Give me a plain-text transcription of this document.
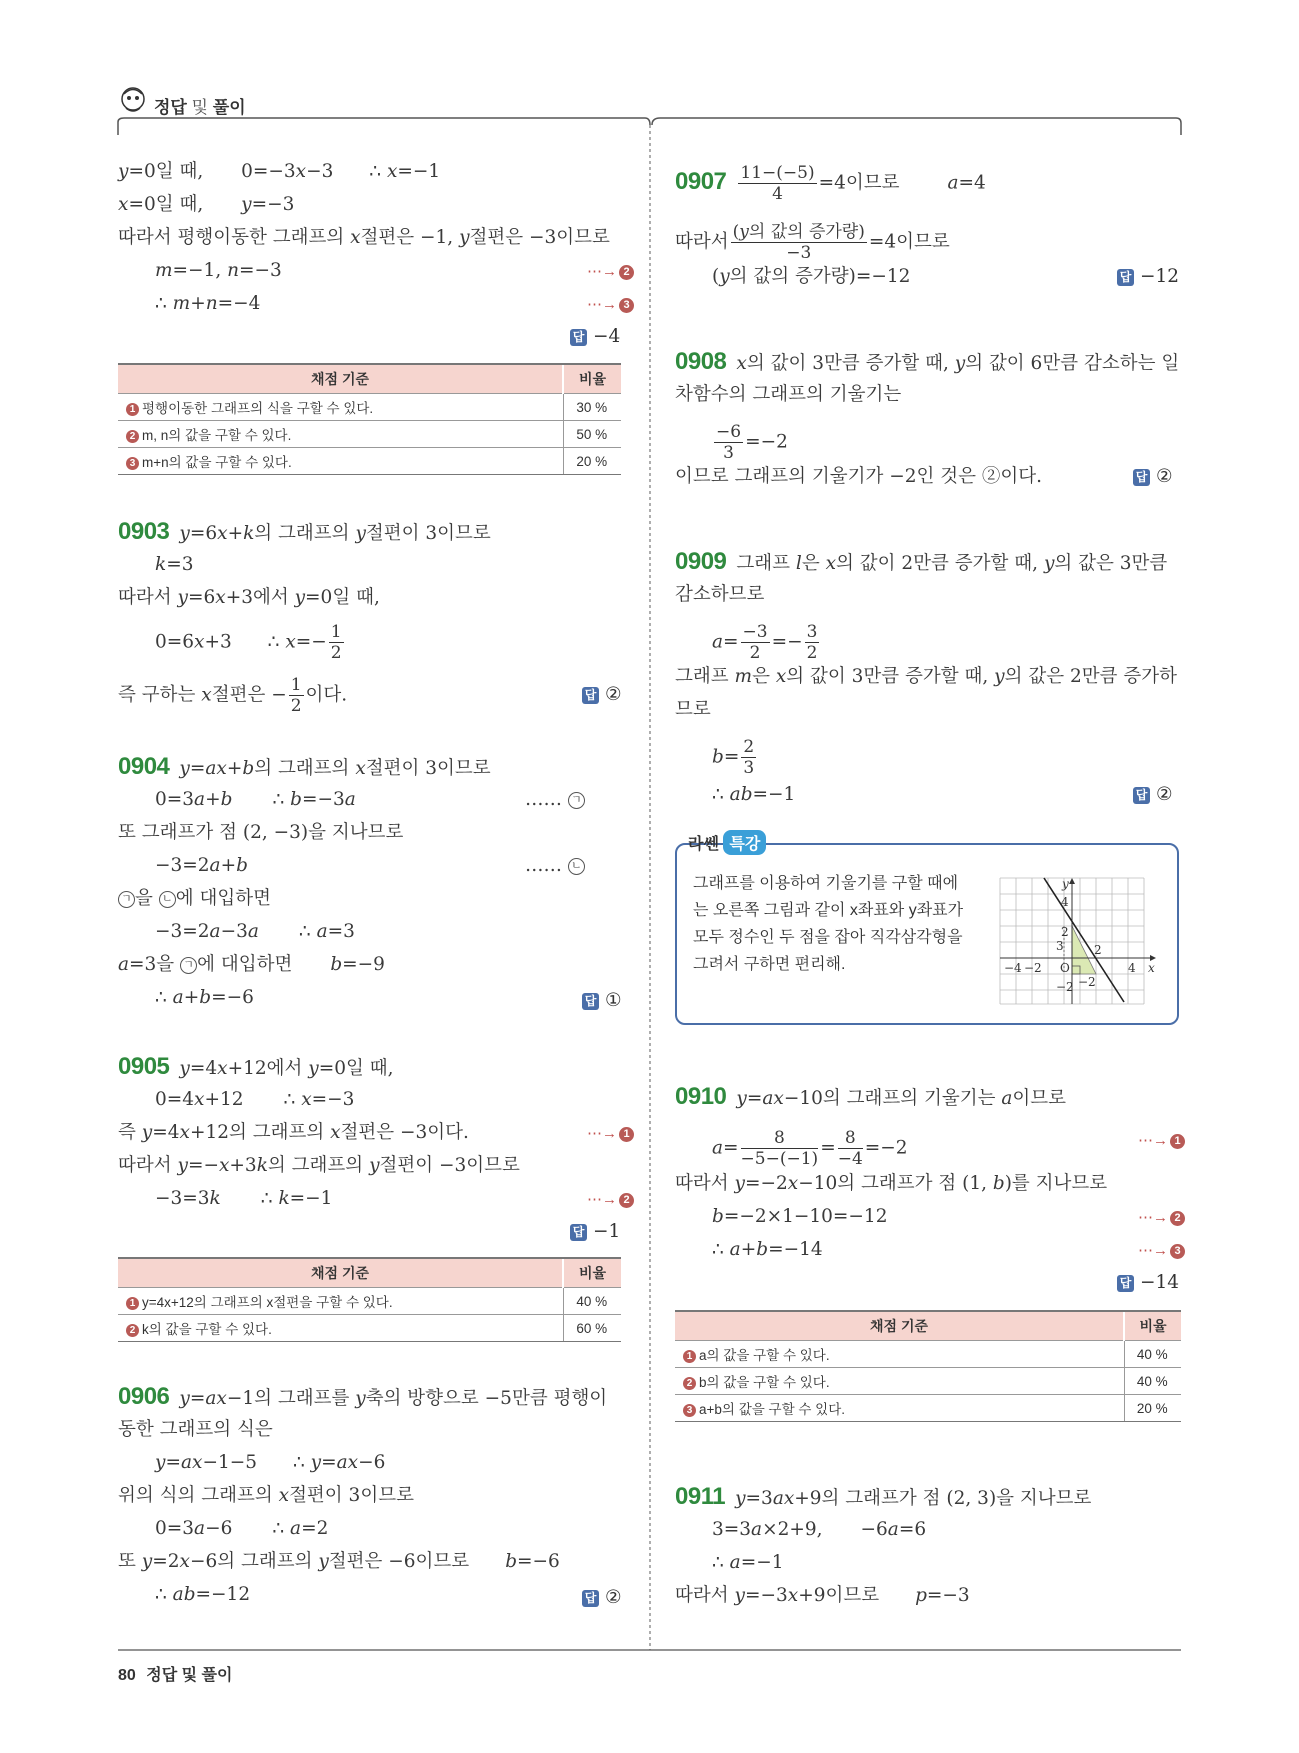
정답 및 풀이
y=0일 때, 0=−3x−3 ∴ x=−1
x=0일 때, y=−3
따라서 평행이동한 그래프의 x절편은 −1, y절편은 −3이므로
m=−1, n=−3	⋯→ 2
∴ m+n=−4	⋯→ 3
답 −4
채점 기준	비율
1 평행이동한 그래프의 식을 구할 수 있다.	30 %
2 m, n의 값을 구할 수 있다.	50 %
3 m+n의 값을 구할 수 있다.	20 %
0903 y=6x+k의 그래프의 y절편이 3이므로
k=3
따라서 y=6x+3에서 y=0일 때,
0=6x+3 ∴ $x=- \frac{1}{2}$
즉 구하는 x절편은 − $\frac{1}{2}$ 이다.	답 ②
0904 y=ax+b의 그래프의 x절편이 3이므로
0=3a+b ∴ b=−3a	…… ㄱ
또 그래프가 점 (2, −3)을 지나므로
−3=2a+b	…… ㄴ
ㄱ 을 ㄴ 에 대입하면
−3=2a−3a ∴ a=3
a=3을 ㄱ 에 대입하면 b=−9
∴ a+b=−6	답 ①
0905 y=4x+12에서 y=0일 때,
0=4x+12 ∴ x=−3
즉 y=4x+12의 그래프의 x절편은 −3이다.	⋯→ 1
따라서 y=−x+3k의 그래프의 y절편이 −3이므로
−3=3k ∴ k=−1	⋯→ 2
답 −1
채점 기준	비율
1 y=4x+12의 그래프의 x절편을 구할 수 있다.	40 %
2 k의 값을 구할 수 있다.	60 %
0906 y=ax−1의 그래프를 y축의 방향으로 −5만큼 평행이
동한 그래프의 식은
y=ax−1−5 ∴ y=ax−6
위의 식의 그래프의 x절편이 3이므로
0=3a−6 ∴ a=2
또 y=2x−6의 그래프의 y절편은 −6이므로 b=−6
∴ ab=−12	답 ②
$0907 \frac{11-(-5)}{4} =4$이므로	a=4
따라서 $\frac{\text{(y의 값의 증가량)}}{-3} =4$이므로
(y의 값의 증가량)=−12	답 −12
0908 x의 값이 3만큼 증가할 때, y의 값이 6만큼 감소하는 일
차함수의 그래프의 기울기는
$\frac{-6}{3} =-2$
이므로 그래프의 기울기가 −2인 것은 ②이다.	답 ②
0909 그래프 l은 x의 값이 2만큼 증가할 때, y의 값은 3만큼
감소하므로
$a= \frac{-3}{2} =- \frac{3}{2}$
그래프 m은 x의 값이 3만큼 증가할 때, y의 값은 2만큼 증가하
므로
$b= \frac{2}{3}$
∴ ab=−1	답 ②
라쎈 특강
그래프를 이용하여 기울기를 구할 때에
는 오른쪽 그림과 같이 x좌표와 y좌표가
모두 정수인 두 점을 잡아 직각삼각형을
그려서 구하면 편리해.
y
x
O
4
2
3	2
−4 −2	4
−2 −2
0910 y=ax−10의 그래프의 기울기는 a이므로
$a= \frac{8}{-5-(-1)} = \frac{8}{-4} =-2$	⋯→ 1
따라서 y=−2x−10의 그래프가 점 (1, b)를 지나므로
b=−2×1−10=−12	⋯→ 2
∴ a+b=−14	⋯→ 3
답 −14
채점 기준	비율
1 a의 값을 구할 수 있다.	40 %
2 b의 값을 구할 수 있다.	40 %
3 a+b의 값을 구할 수 있다.	20 %
0911 y=3ax+9의 그래프가 점 (2, 3)을 지나므로
3=3a×2+9, −6a=6
∴ a=−1
따라서 y=−3x+9이므로 p=−3
80 정답 및 풀이
